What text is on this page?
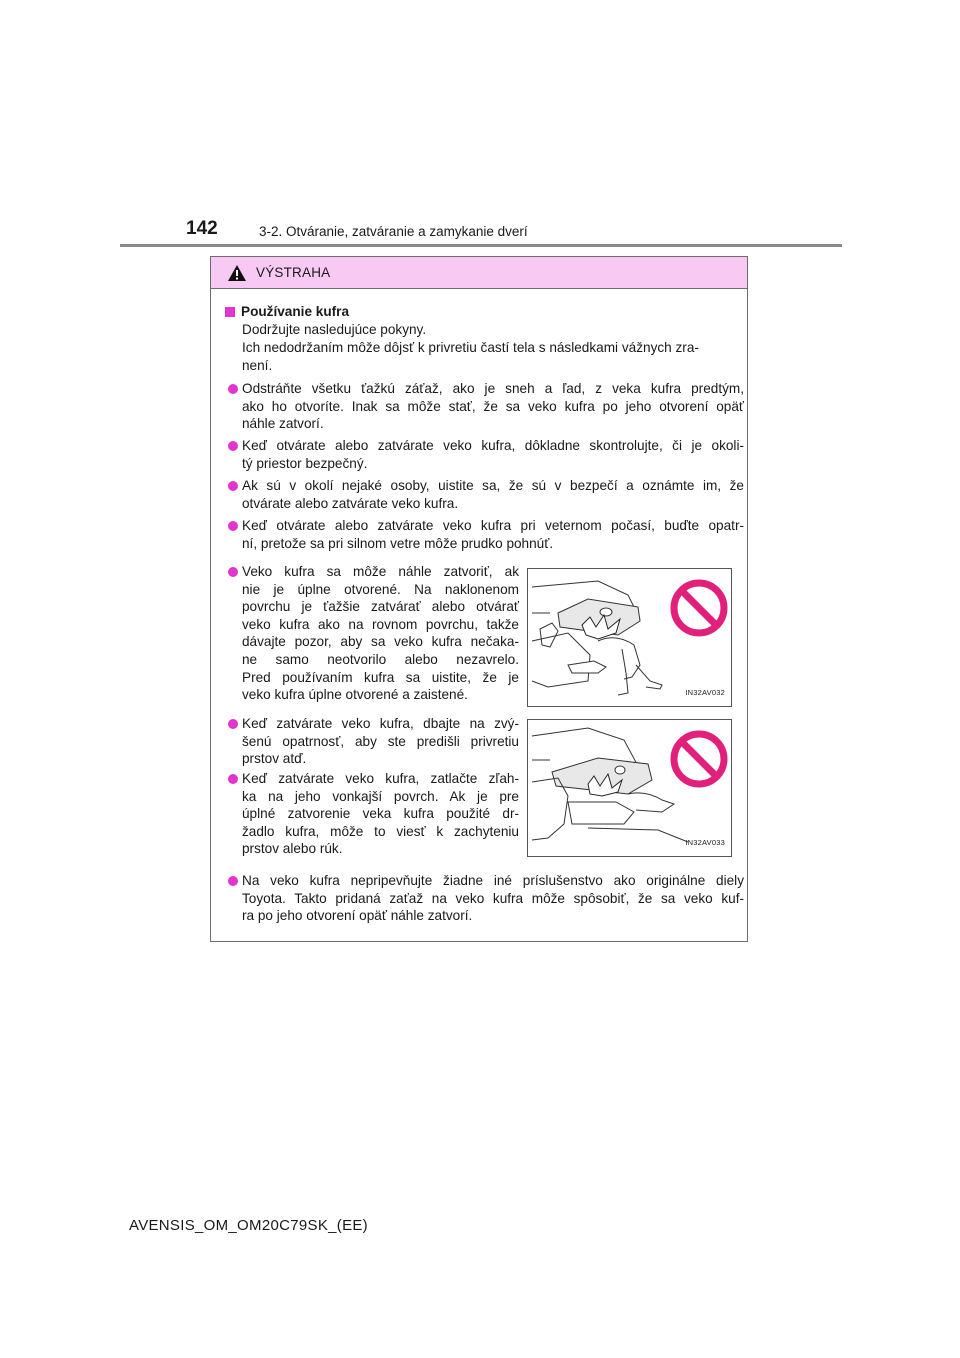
142	3-2. Otváranie, zatváranie a zamykanie dverí
VÝSTRAHA
Používanie kufra
Dodržujte nasledujúce pokyny.
Ich nedodržaním môže dôjsť k privretiu častí tela s následkami vážnych zra-
není.
Odstráňte všetku ťažkú záťaž, ako je sneh a ľad, z veka kufra predtým,
ako ho otvoríte. Inak sa môže stať, že sa veko kufra po jeho otvorení opäť
náhle zatvorí.
Keď otvárate alebo zatvárate veko kufra, dôkladne skontrolujte, či je okoli-
tý priestor bezpečný.
Ak sú v okolí nejaké osoby, uistite sa, že sú v bezpečí a oznámte im, že
otvárate alebo zatvárate veko kufra.
Keď otvárate alebo zatvárate veko kufra pri veternom počasí, buďte opatr-
ní, pretože sa pri silnom vetre môže prudko pohnúť.
Veko kufra sa môže náhle zatvoriť, ak
nie je úplne otvorené. Na naklonenom
povrchu je ťažšie zatvárať alebo otvárať
veko kufra ako na rovnom povrchu, takže
dávajte pozor, aby sa veko kufra nečaka-
ne samo neotvorilo alebo nezavrelo.
Pred používaním kufra sa uistite, že je
veko kufra úplne otvorené a zaistené.	IN32AV032
Keď zatvárate veko kufra, dbajte na zvý-
šenú opatrnosť, aby ste predišli privretiu
prstov atď.
Keď zatvárate veko kufra, zatlačte zľah-
ka na jeho vonkajší povrch. Ak je pre
úplné zatvorenie veka kufra použité dr-
žadlo kufra, môže to viesť k zachyteniu
prstov alebo rúk.	IN32AV033
Na veko kufra nepripevňujte žiadne iné príslušenstvo ako originálne diely
Toyota. Takto pridaná zaťaž na veko kufra môže spôsobiť, že sa veko kuf-
ra po jeho otvorení opäť náhle zatvorí.
AVENSIS_OM_OM20C79SK_(EE)
